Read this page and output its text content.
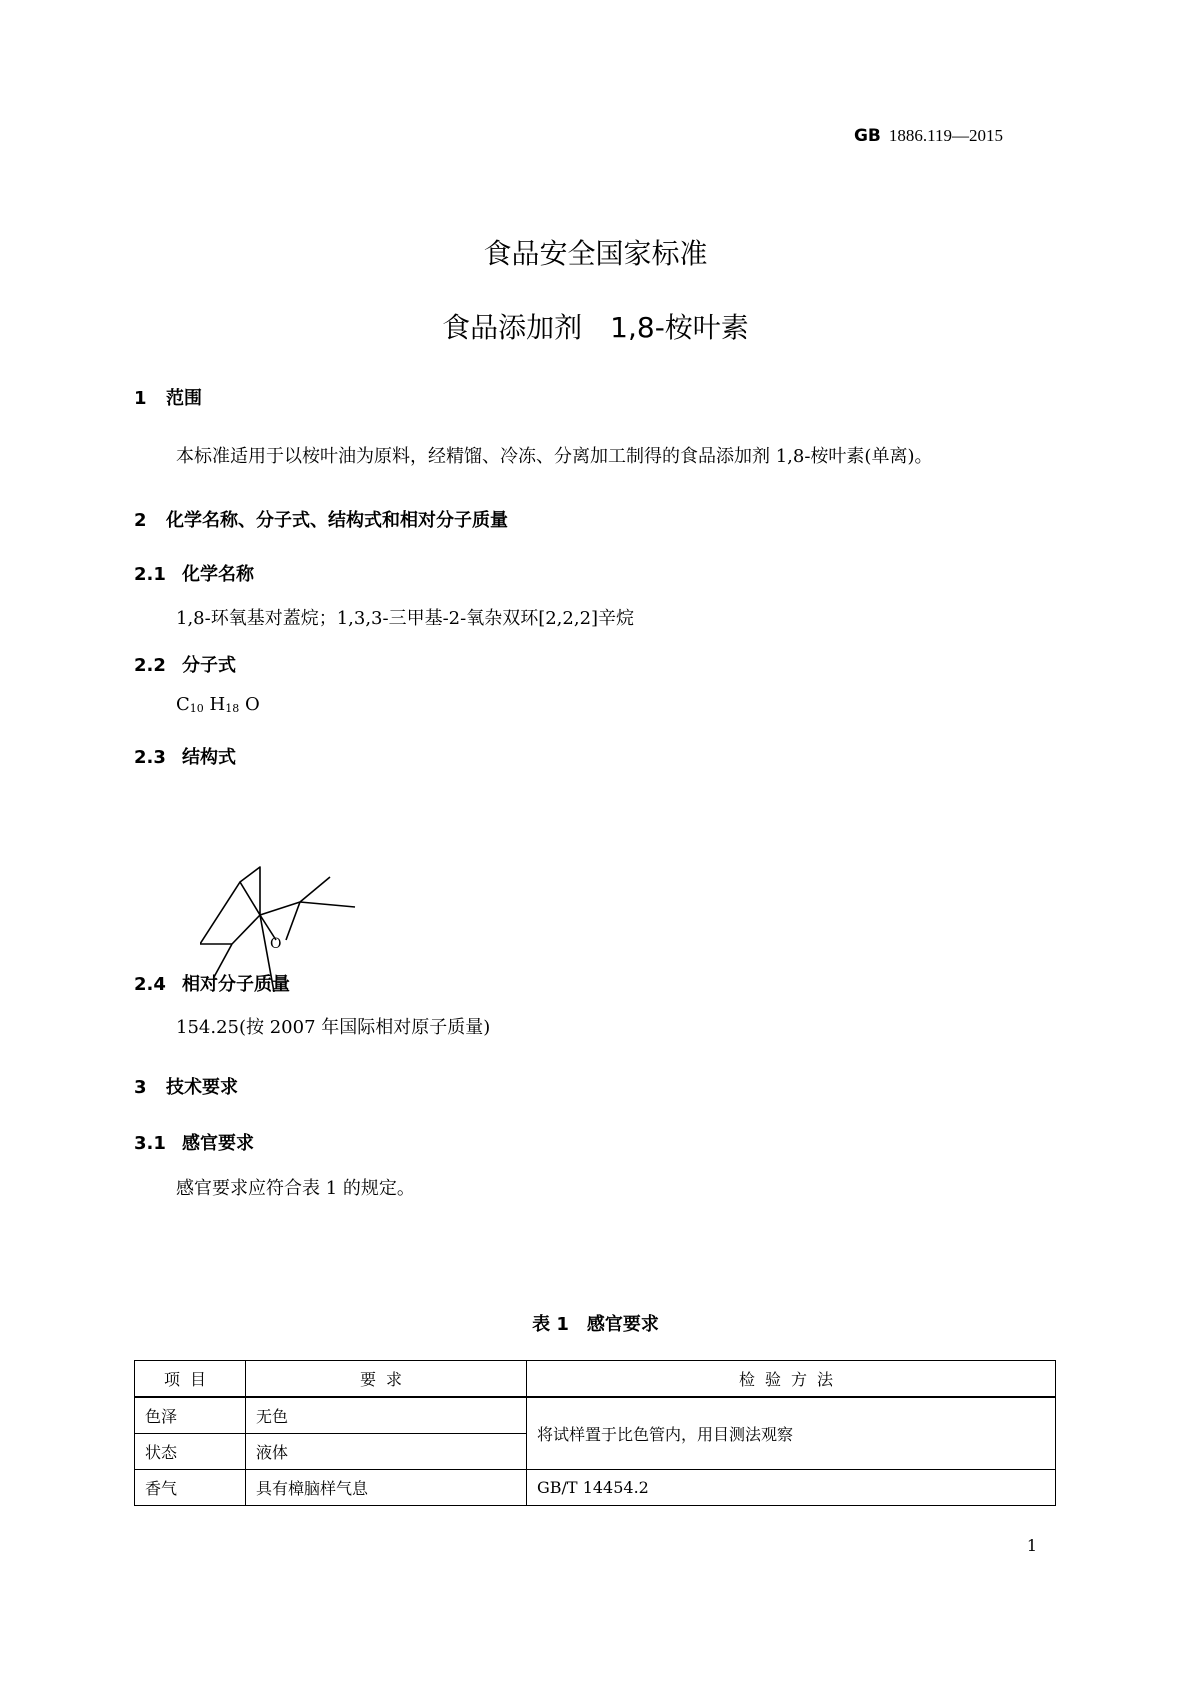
GB 1886.119—2015
食品安全国家标准
食品添加剂　1,8-桉叶素
1 范围
本标准适用于以桉叶油为原料，经精馏、冷冻、分离加工制得的食品添加剂 1,8-桉叶素(单离)。
2 化学名称、分子式、结构式和相对分子质量
2.1 化学名称
1,8-环氧基对蓋烷；1,3,3-三甲基-2-氧杂双环[2,2,2]辛烷
2.2 分子式
$C_{10}$ $H_{18}$ O
2.3 结构式
O
2.4 相对分子质量
154.25(按 2007 年国际相对原子质量)
3 技术要求
3.1 感官要求
感官要求应符合表 1 的规定。
表 1　感官要求
项目	要求	检验方法
色泽	无色	将试样置于比色管内，用目测法观察
状态	液体	
香气	具有樟脑样气息	GB/T 14454.2
1
